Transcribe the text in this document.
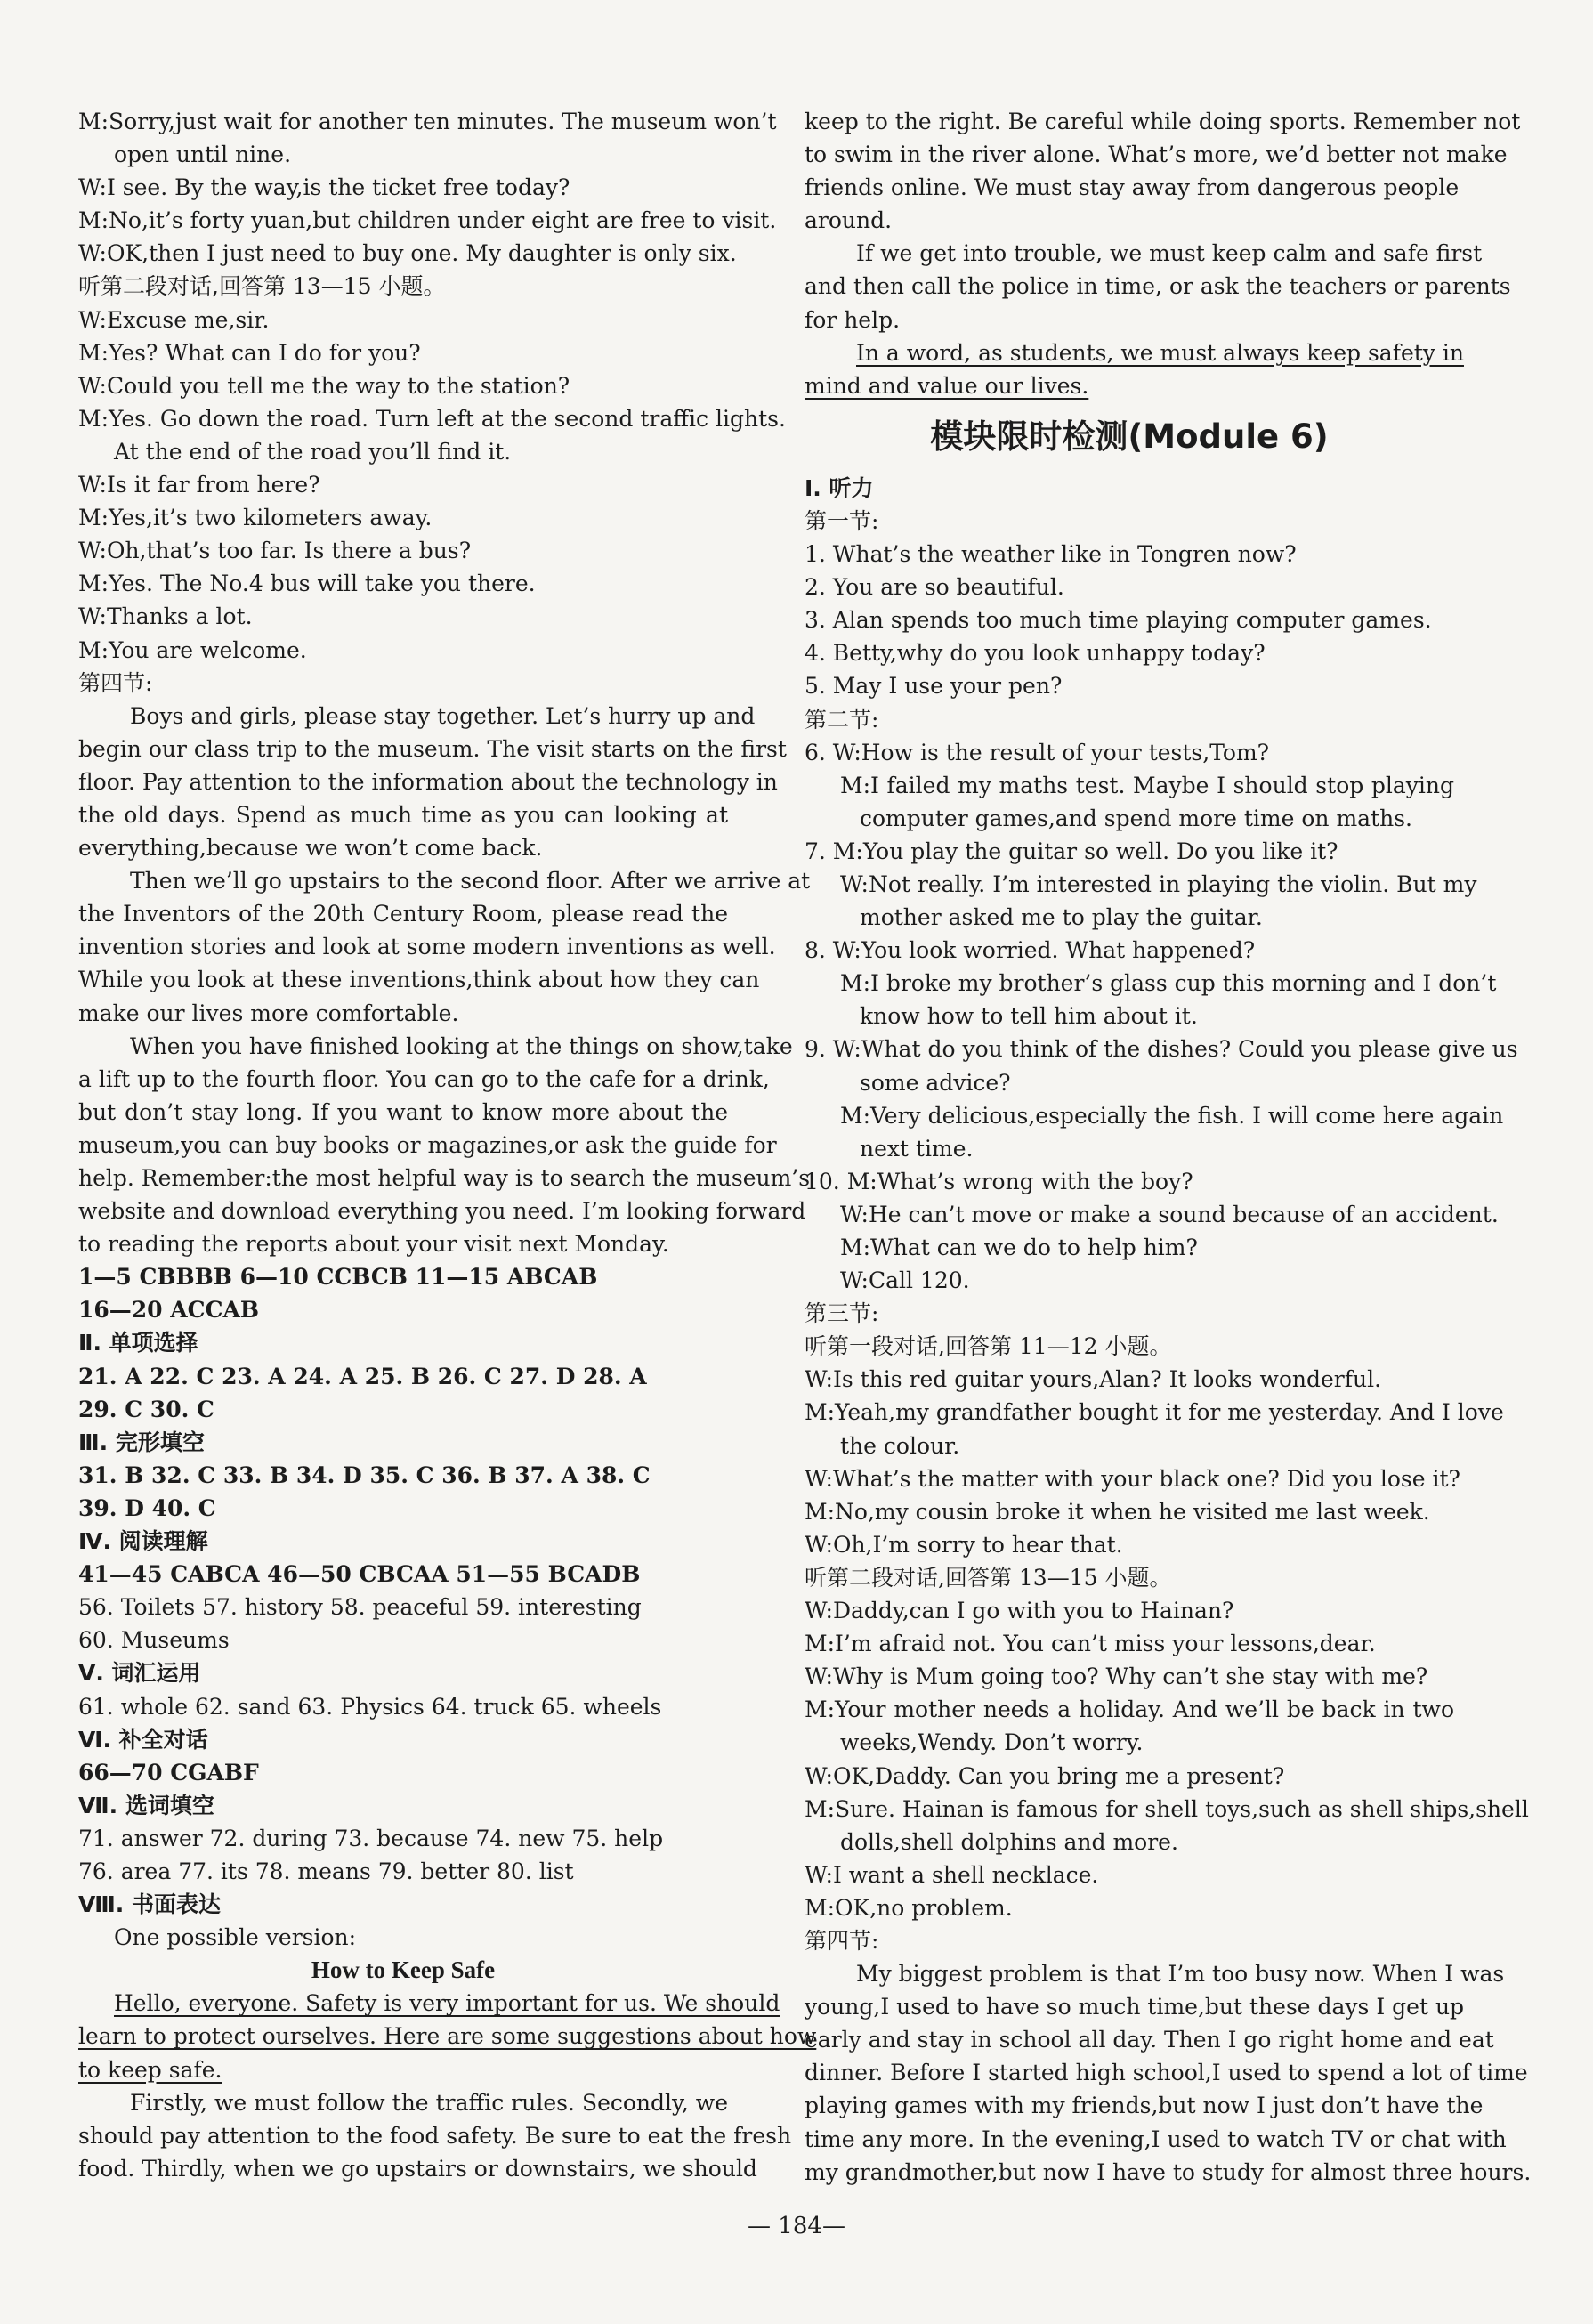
M:Sorry,just wait for another ten minutes. The museum won’t
open until nine.
W:I see. By the way,is the ticket free today?
M:No,it’s forty yuan,but children under eight are free to visit.
W:OK,then I just need to buy one. My daughter is only six.
听第二段对话,回答第 13—15 小题。
W:Excuse me,sir.
M:Yes? What can I do for you?
W:Could you tell me the way to the station?
M:Yes. Go down the road. Turn left at the second traffic lights.
At the end of the road you’ll find it.
W:Is it far from here?
M:Yes,it’s two kilometers away.
W:Oh,that’s too far. Is there a bus?
M:Yes. The No.4 bus will take you there.
W:Thanks a lot.
M:You are welcome.
第四节:
Boys and girls, please stay together. Let’s hurry up and
begin our class trip to the museum. The visit starts on the first
floor. Pay attention to the information about the technology in
the old days. Spend as much time as you can looking at
everything,because we won’t come back.
Then we’ll go upstairs to the second floor. After we arrive at
the Inventors of the 20th Century Room, please read the
invention stories and look at some modern inventions as well.
While you look at these inventions,think about how they can
make our lives more comfortable.
When you have finished looking at the things on show,take
a lift up to the fourth floor. You can go to the cafe for a drink,
but don’t stay long. If you want to know more about the
museum,you can buy books or magazines,or ask the guide for
help. Remember:the most helpful way is to search the museum’s
website and download everything you need. I’m looking forward
to reading the reports about your visit next Monday.
1—5 CBBBB 6—10 CCBCB 11—15 ABCAB
16—20 ACCAB
Ⅱ. 单项选择
21. A 22. C 23. A 24. A 25. B 26. C 27. D 28. A
29. C 30. C
Ⅲ. 完形填空
31. B 32. C 33. B 34. D 35. C 36. B 37. A 38. C
39. D 40. C
Ⅳ. 阅读理解
41—45 CABCA 46—50 CBCAA 51—55 BCADB
56. Toilets 57. history 58. peaceful 59. interesting
60. Museums
Ⅴ. 词汇运用
61. whole 62. sand 63. Physics 64. truck 65. wheels
Ⅵ. 补全对话
66—70 CGABF
Ⅶ. 选词填空
71. answer 72. during 73. because 74. new 75. help
76. area 77. its 78. means 79. better 80. list
Ⅷ. 书面表达
One possible version:
How to Keep Safe
Hello, everyone. Safety is very important for us. We should
learn to protect ourselves. Here are some suggestions about how
to keep safe.
Firstly, we must follow the traffic rules. Secondly, we
should pay attention to the food safety. Be sure to eat the fresh
food. Thirdly, when we go upstairs or downstairs, we should
keep to the right. Be careful while doing sports. Remember not
to swim in the river alone. What’s more, we’d better not make
friends online. We must stay away from dangerous people
around.
If we get into trouble, we must keep calm and safe first
and then call the police in time, or ask the teachers or parents
for help.
In a word, as students, we must always keep safety in
mind and value our lives.
模块限时检测(Module 6)
Ⅰ. 听力
第一节:
1. What’s the weather like in Tongren now?
2. You are so beautiful.
3. Alan spends too much time playing computer games.
4. Betty,why do you look unhappy today?
5. May I use your pen?
第二节:
6. W:How is the result of your tests,Tom?
M:I failed my maths test. Maybe I should stop playing
computer games,and spend more time on maths.
7. M:You play the guitar so well. Do you like it?
W:Not really. I’m interested in playing the violin. But my
mother asked me to play the guitar.
8. W:You look worried. What happened?
M:I broke my brother’s glass cup this morning and I don’t
know how to tell him about it.
9. W:What do you think of the dishes? Could you please give us
some advice?
M:Very delicious,especially the fish. I will come here again
next time.
10. M:What’s wrong with the boy?
W:He can’t move or make a sound because of an accident.
M:What can we do to help him?
W:Call 120.
第三节:
听第一段对话,回答第 11—12 小题。
W:Is this red guitar yours,Alan? It looks wonderful.
M:Yeah,my grandfather bought it for me yesterday. And I love
the colour.
W:What’s the matter with your black one? Did you lose it?
M:No,my cousin broke it when he visited me last week.
W:Oh,I’m sorry to hear that.
听第二段对话,回答第 13—15 小题。
W:Daddy,can I go with you to Hainan?
M:I’m afraid not. You can’t miss your lessons,dear.
W:Why is Mum going too? Why can’t she stay with me?
M:Your mother needs a holiday. And we’ll be back in two
weeks,Wendy. Don’t worry.
W:OK,Daddy. Can you bring me a present?
M:Sure. Hainan is famous for shell toys,such as shell ships,shell
dolls,shell dolphins and more.
W:I want a shell necklace.
M:OK,no problem.
第四节:
My biggest problem is that I’m too busy now. When I was
young,I used to have so much time,but these days I get up
early and stay in school all day. Then I go right home and eat
dinner. Before I started high school,I used to spend a lot of time
playing games with my friends,but now I just don’t have the
time any more. In the evening,I used to watch TV or chat with
my grandmother,but now I have to study for almost three hours.
— 184—
